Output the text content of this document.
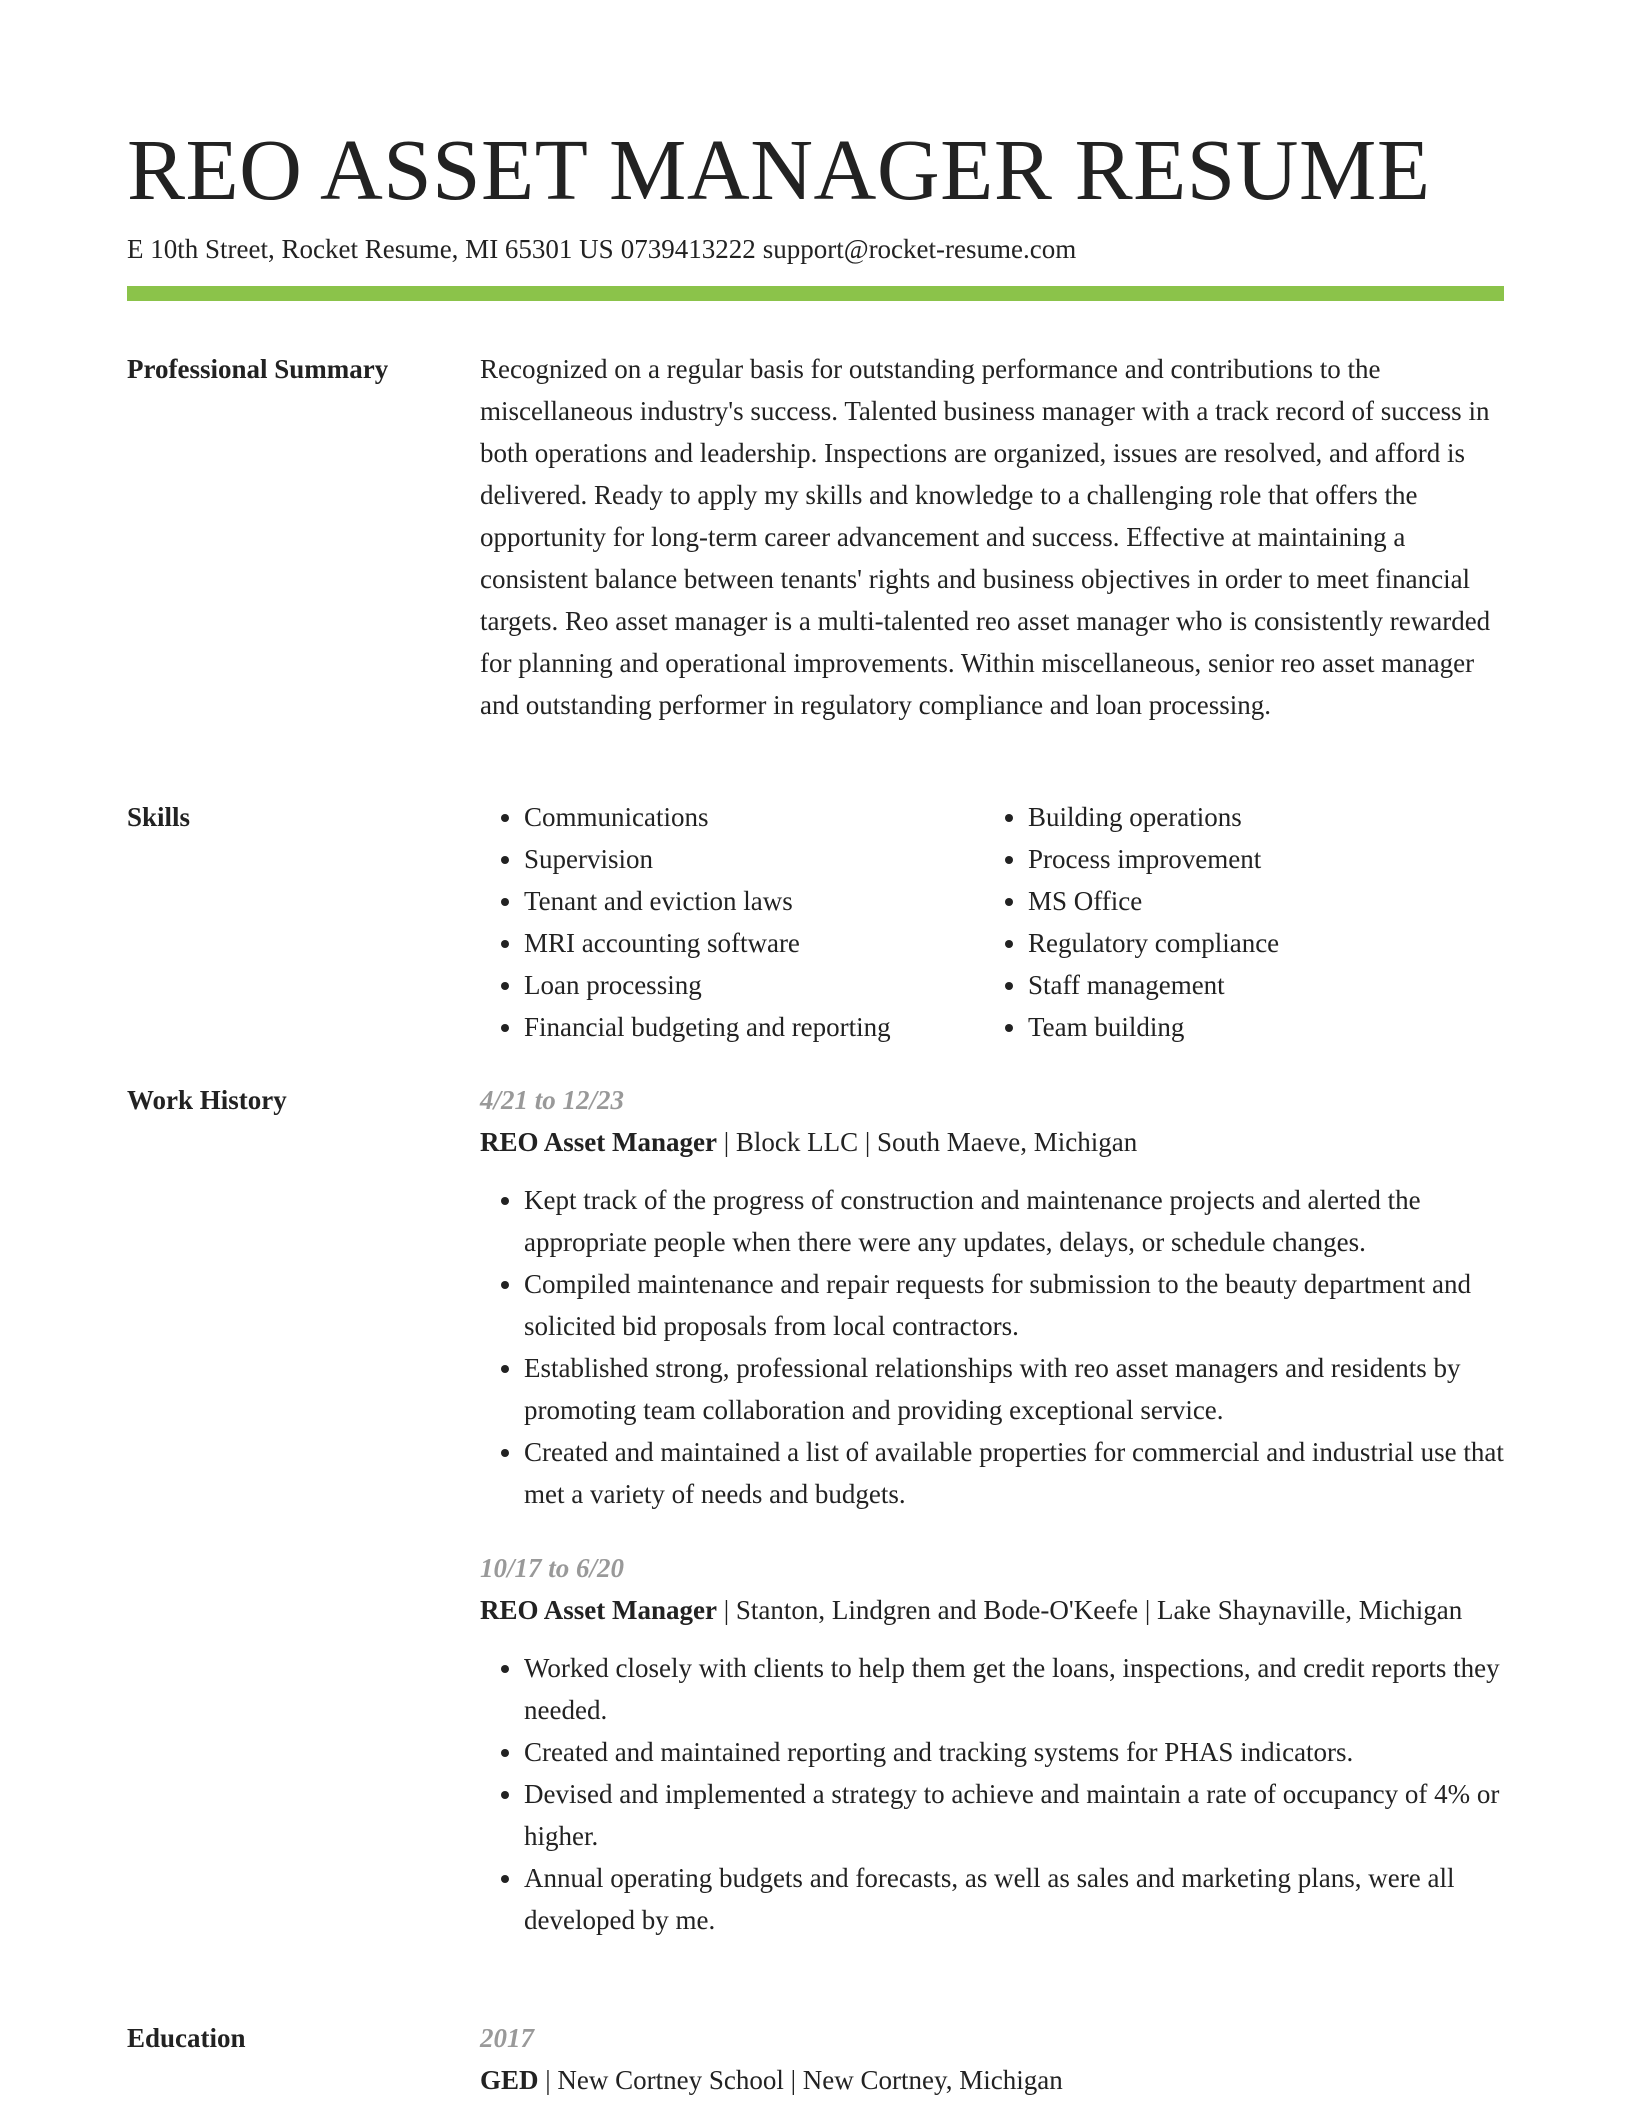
REO ASSET MANAGER RESUME
E 10th Street, Rocket Resume, MI 65301 US 0739413222 support@rocket-resume.com
Professional Summary	Recognized on a regular basis for outstanding performance and contributions to the miscellaneous industry's success. Talented business manager with a track record of success in both operations and leadership. Inspections are organized, issues are resolved, and afford is delivered. Ready to apply my skills and knowledge to a challenging role that offers the opportunity for long-term career advancement and success. Effective at maintaining a consistent balance between tenants' rights and business objectives in order to meet financial targets. Reo asset manager is a multi-talented reo asset manager who is consistently rewarded for planning and operational improvements. Within miscellaneous, senior reo asset manager and outstanding performer in regulatory compliance and loan processing.

Skills
•	Communications
• Supervision
• Tenant and eviction laws
• MRI accounting software
• Loan processing
• Financial budgeting and reporting
• Building operations
• Process improvement
• MS Office
• Regulatory compliance
• Staff management
• Team building
Work History	4/21 to 12/23
REO Asset Manager | Block LLC | South Maeve, Michigan
• Kept track of the progress of construction and maintenance projects and alerted the appropriate people when there were any updates, delays, or schedule changes.
• Compiled maintenance and repair requests for submission to the beauty department and solicited bid proposals from local contractors.
• Established strong, professional relationships with reo asset managers and residents by promoting team collaboration and providing exceptional service.
• Created and maintained a list of available properties for commercial and industrial use that met a variety of needs and budgets.
10/17 to 6/20
REO Asset Manager | Stanton, Lindgren and Bode-O'Keefe | Lake Shaynaville, Michigan
• Worked closely with clients to help them get the loans, inspections, and credit reports they needed.
• Created and maintained reporting and tracking systems for PHAS indicators.
• Devised and implemented a strategy to achieve and maintain a rate of occupancy of 4% or higher.
• Annual operating budgets and forecasts, as well as sales and marketing plans, were all developed by me.
Education	2017
GED | New Cortney School | New Cortney, Michigan
